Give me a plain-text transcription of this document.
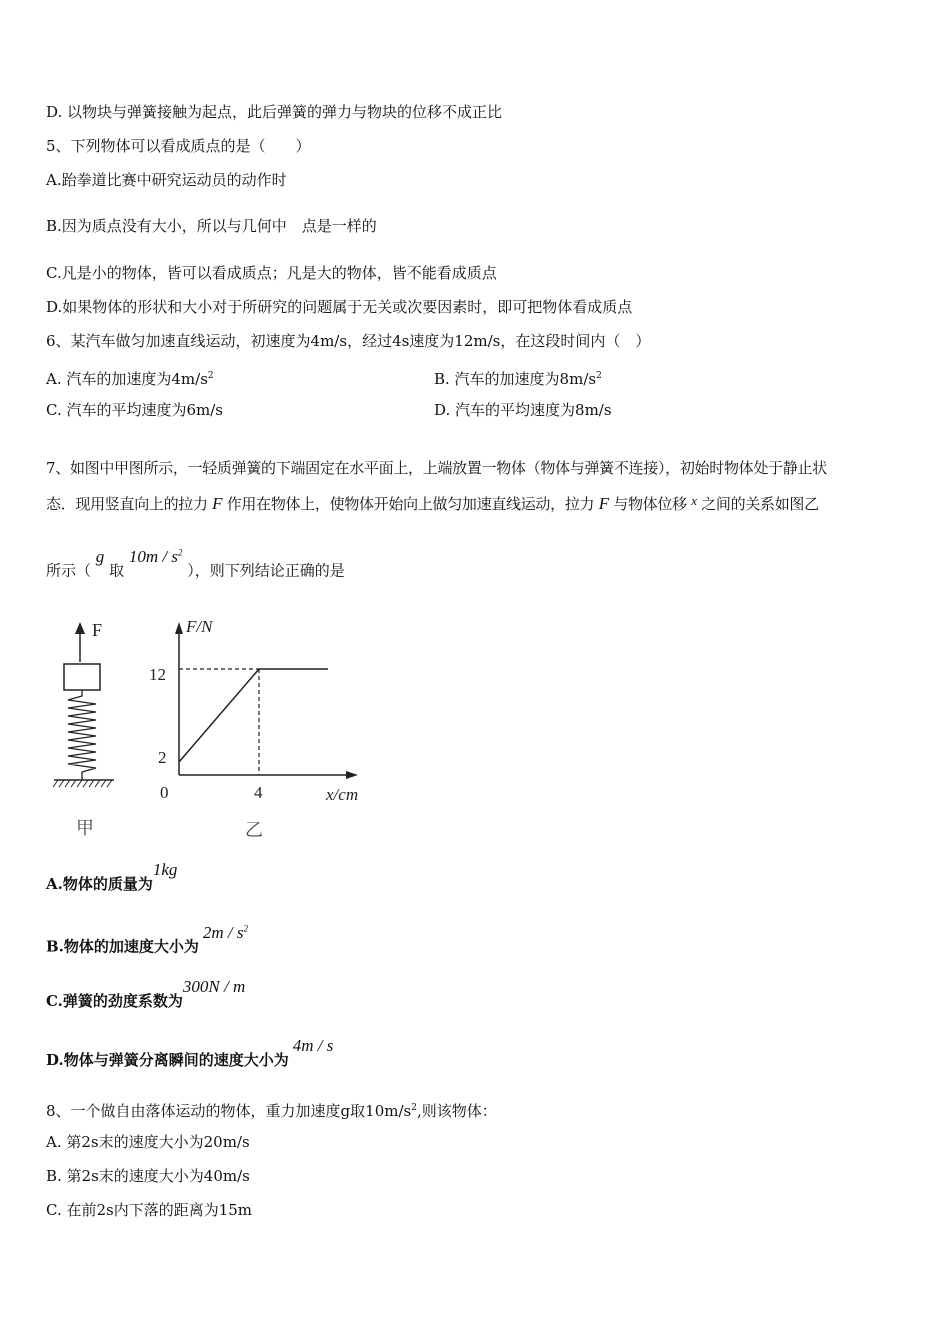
D. 以物块与弹簧接触为起点，此后弹簧的弹力与物块的位移不成正比
5、下列物体可以看成质点的是（　　）
A.跆拳道比赛中研究运动员的动作时
B.因为质点没有大小，所以与几何中　点是一样的
C.凡是小的物体，皆可以看成质点；凡是大的物体，皆不能看成质点
D.如果物体的形状和大小对于所研究的问题属于无关或次要因素时，即可把物体看成质点
6、某汽车做匀加速直线运动，初速度为4m/s，经过4s速度为12m/s，在这段时间内（　）
A. 汽车的加速度为$4m/s^2$	B. 汽车的加速度为$8m/s^2$
C. 汽车的平均速度为6m/s	D. 汽车的平均速度为8m/s
7、如图中甲图所示，一轻质弹簧的下端固定在水平面上，上端放置一物体（物体与弹簧不连接），初始时物体处于静止状
态．现用竖直向上的拉力 F 作用在物体上，使物体开始向上做匀加速直线运动，拉力 F 与物体位移 x 之间的关系如图乙
所示（ g 取 $10m / s^2$ ），则下列结论正确的是
F
甲
F/N
x/cm
0
2
12
4
乙
A.物体的质量为1kg
B.物体的加速度大小为$2m / s^2$
C.弹簧的劲度系数为300N / m
D.物体与弹簧分离瞬间的速度大小为4m / s
8、一个做自由落体运动的物体，重力加速度g取$10m/s^2$,则该物体：
A. 第2s末的速度大小为20m/s
B. 第2s末的速度大小为40m/s
C. 在前2s内下落的距离为15m
